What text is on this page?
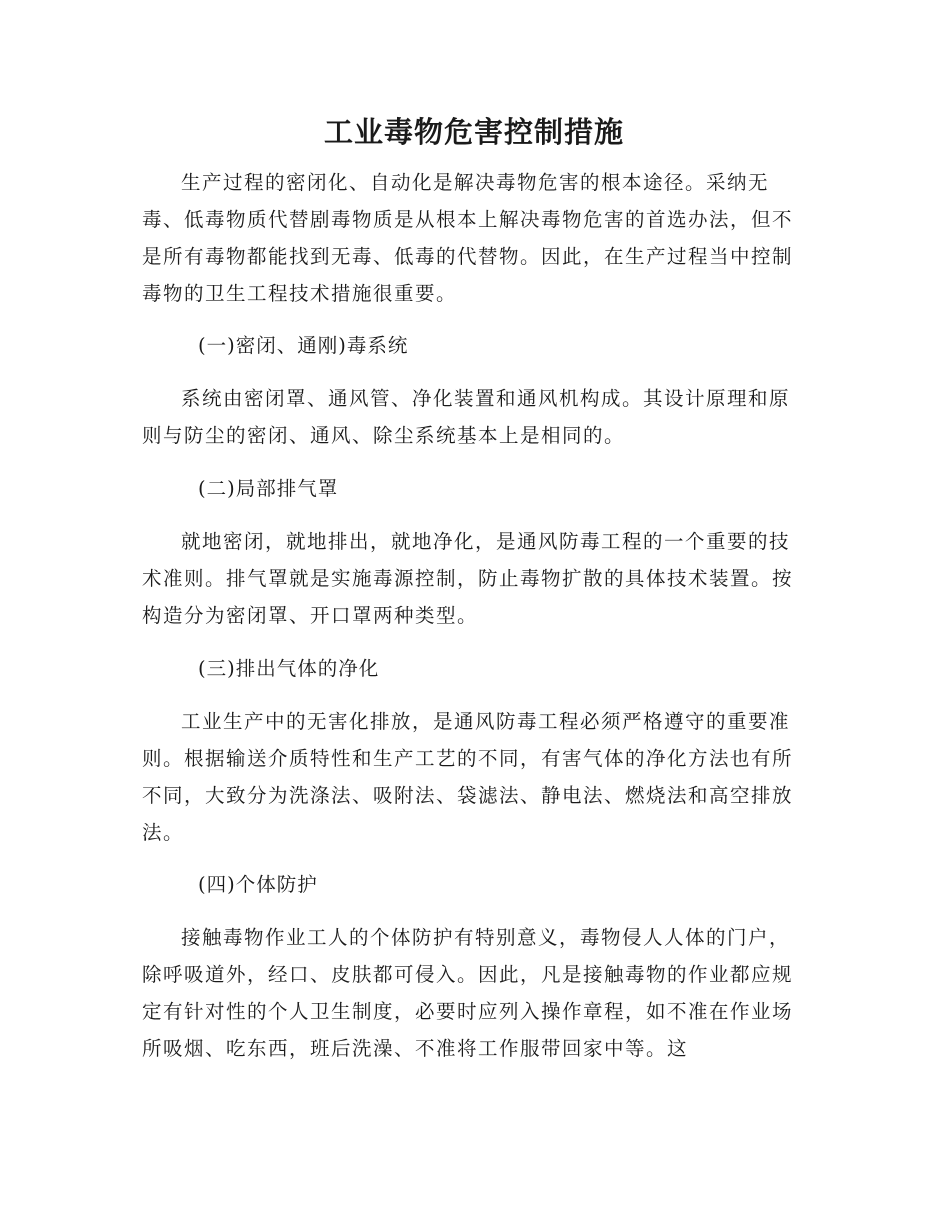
工业毒物危害控制措施

生产过程的密闭化、自动化是解决毒物危害的根本途径。采纳无毒、低毒物质代替剧毒物质是从根本上解决毒物危害的首选办法，但不是所有毒物都能找到无毒、低毒的代替物。因此，在生产过程当中控制毒物的卫生工程技术措施很重要。

(一)密闭、通刚)毒系统

系统由密闭罩、通风管、净化装置和通风机构成。其设计原理和原则与防尘的密闭、通风、除尘系统基本上是相同的。

(二)局部排气罩

就地密闭，就地排出，就地净化，是通风防毒工程的一个重要的技术准则。排气罩就是实施毒源控制，防止毒物扩散的具体技术装置。按构造分为密闭罩、开口罩两种类型。

(三)排出气体的净化

工业生产中的无害化排放，是通风防毒工程必须严格遵守的重要准则。根据输送介质特性和生产工艺的不同，有害气体的净化方法也有所不同，大致分为洗涤法、吸附法、袋滤法、静电法、燃烧法和高空排放法。

(四)个体防护

接触毒物作业工人的个体防护有特别意义，毒物侵人人体的门户，除呼吸道外，经口、皮肤都可侵入。因此，凡是接触毒物的作业都应规定有针对性的个人卫生制度，必要时应列入操作章程，如不准在作业场所吸烟、吃东西，班后洗澡、不准将工作服带回家中等。这
